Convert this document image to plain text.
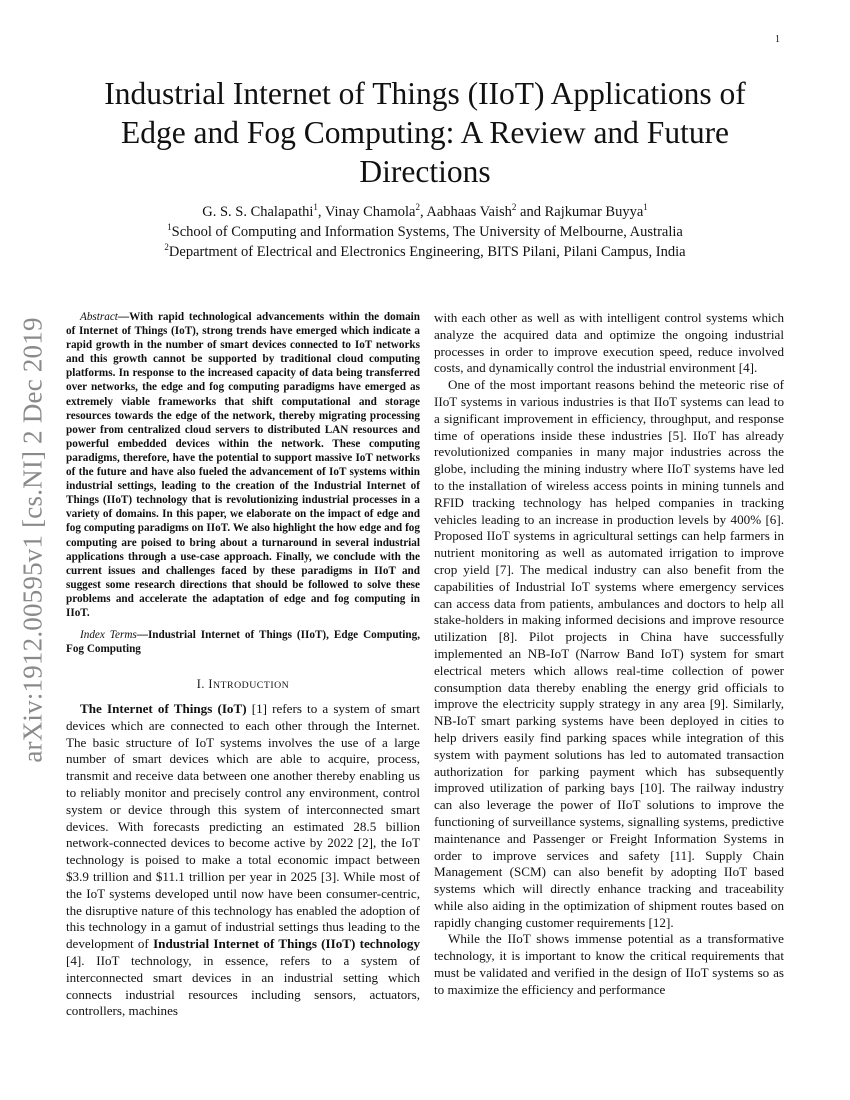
1
arXiv:1912.00595v1 [cs.NI] 2 Dec 2019
Industrial Internet of Things (IIoT) Applications of Edge and Fog Computing: A Review and Future Directions
G. S. S. Chalapathi$^1$, Vinay Chamola$^2$, Aabhaas Vaish$^2$ and Rajkumar Buyya$^1$
$^1$School of Computing and Information Systems, The University of Melbourne, Australia
$^2$Department of Electrical and Electronics Engineering, BITS Pilani, Pilani Campus, India

Abstract—With rapid technological advancements within the domain of Internet of Things (IoT), strong trends have emerged which indicate a rapid growth in the number of smart devices connected to IoT networks and this growth cannot be supported by traditional cloud computing platforms. In response to the increased capacity of data being transferred over networks, the edge and fog computing paradigms have emerged as extremely viable frameworks that shift computational and storage resources towards the edge of the network, thereby migrating processing power from centralized cloud servers to distributed LAN resources and powerful embedded devices within the network. These computing paradigms, therefore, have the potential to support massive IoT networks of the future and have also fueled the advancement of IoT systems within industrial settings, leading to the creation of the Industrial Internet of Things (IIoT) technology that is revolutionizing industrial processes in a variety of domains. In this paper, we elaborate on the impact of edge and fog computing paradigms on IIoT. We also highlight the how edge and fog computing are poised to bring about a turnaround in several industrial applications through a use-case approach. Finally, we conclude with the current issues and challenges faced by these paradigms in IIoT and suggest some research directions that should be followed to solve these problems and accelerate the adaptation of edge and fog computing in IIoT.

Index Terms—Industrial Internet of Things (IIoT), Edge Computing, Fog Computing

I. INTRODUCTION

The Internet of Things (IoT) [1] refers to a system of smart devices which are connected to each other through the Internet. The basic structure of IoT systems involves the use of a large number of smart devices which are able to acquire, process, transmit and receive data between one another thereby enabling us to reliably monitor and precisely control any environment, control system or device through this system of interconnected smart devices. With forecasts predicting an estimated 28.5 billion network-connected devices to become active by 2022 [2], the IoT technology is poised to make a total economic impact between $3.9 trillion and $11.1 trillion per year in 2025 [3]. While most of the IoT systems developed until now have been consumer-centric, the disruptive nature of this technology has enabled the adoption of this technology in a gamut of industrial settings thus leading to the development of Industrial Internet of Things (IIoT) technology [4]. IIoT technology, in essence, refers to a system of interconnected smart devices in an industrial setting which connects industrial resources including sensors, actuators, controllers, machines

with each other as well as with intelligent control systems which analyze the acquired data and optimize the ongoing industrial processes in order to improve execution speed, reduce involved costs, and dynamically control the industrial environment [4].

One of the most important reasons behind the meteoric rise of IIoT systems in various industries is that IIoT systems can lead to a significant improvement in efficiency, throughput, and response time of operations inside these industries [5]. IIoT has already revolutionized companies in many major industries across the globe, including the mining industry where IIoT systems have led to the installation of wireless access points in mining tunnels and RFID tracking technology has helped companies in tracking vehicles leading to an increase in production levels by 400% [6]. Proposed IIoT systems in agricultural settings can help farmers in nutrient monitoring as well as automated irrigation to improve crop yield [7]. The medical industry can also benefit from the capabilities of Industrial IoT systems where emergency services can access data from patients, ambulances and doctors to help all stake-holders in making informed decisions and improve resource utilization [8]. Pilot projects in China have successfully implemented an NB-IoT (Narrow Band IoT) system for smart electrical meters which allows real-time collection of power consumption data thereby enabling the energy grid officials to improve the electricity supply strategy in any area [9]. Similarly, NB-IoT smart parking systems have been deployed in cities to help drivers easily find parking spaces while integration of this system with payment solutions has led to automated transaction authorization for parking payment which has subsequently improved utilization of parking bays [10]. The railway industry can also leverage the power of IIoT solutions to improve the functioning of surveillance systems, signalling systems, predictive maintenance and Passenger or Freight Information Systems in order to improve services and safety [11]. Supply Chain Management (SCM) can also benefit by adopting IIoT based systems which will directly enhance tracking and traceability while also aiding in the optimization of shipment routes based on rapidly changing customer requirements [12].

While the IIoT shows immense potential as a transformative technology, it is important to know the critical requirements that must be validated and verified in the design of IIoT systems so as to maximize the efficiency and performance
